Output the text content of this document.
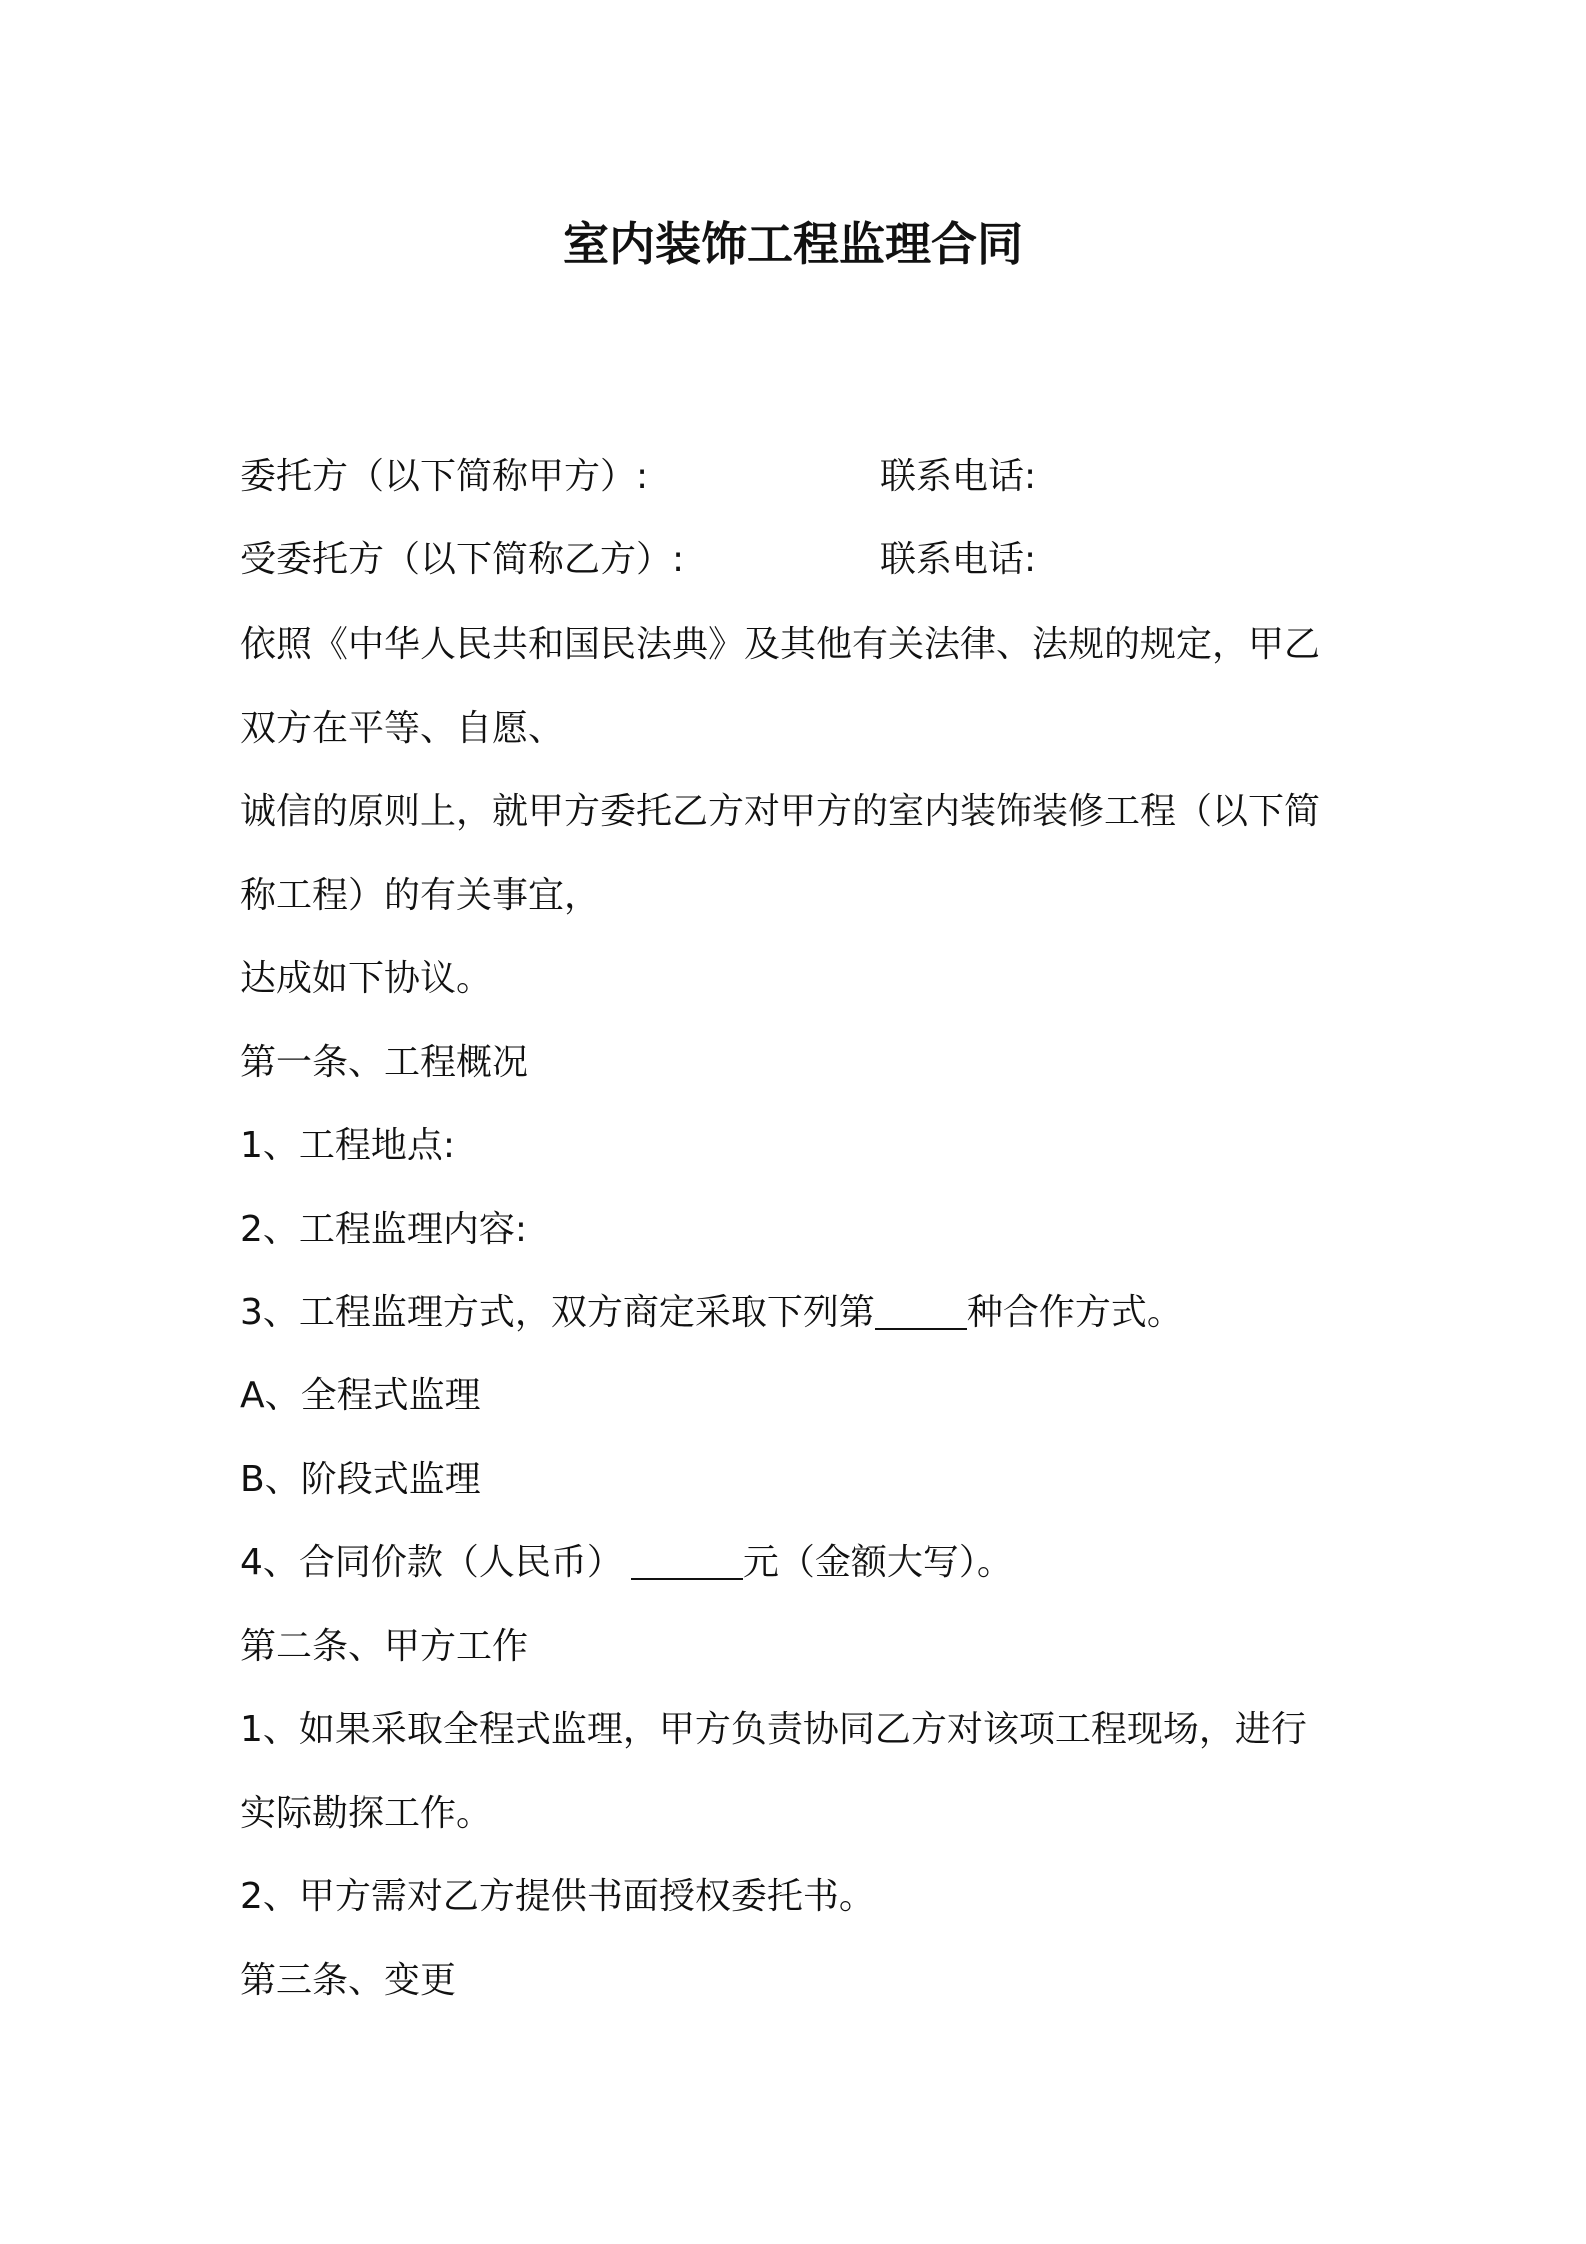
室内装饰工程监理合同
委托方（以下简称甲方）:	联系电话:
受委托方（以下简称乙方）:	联系电话:

依照《中华人民共和国民法典》及其他有关法律、法规的规定，甲乙

双方在平等、自愿、

诚信的原则上，就甲方委托乙方对甲方的室内装饰装修工程（以下简

称工程）的有关事宜，

达成如下协议。

第一条、工程概况

1、工程地点:

2、工程监理内容:

3、工程监理方式，双方商定采取下列第	种合作方式。

A、全程式监理

B、阶段式监理

4、合同价款（人民币）	元（金额大写）。

第二条、甲方工作

1、如果采取全程式监理，甲方负责协同乙方对该项工程现场，进行

实际勘探工作。

2、甲方需对乙方提供书面授权委托书。

第三条、变更
